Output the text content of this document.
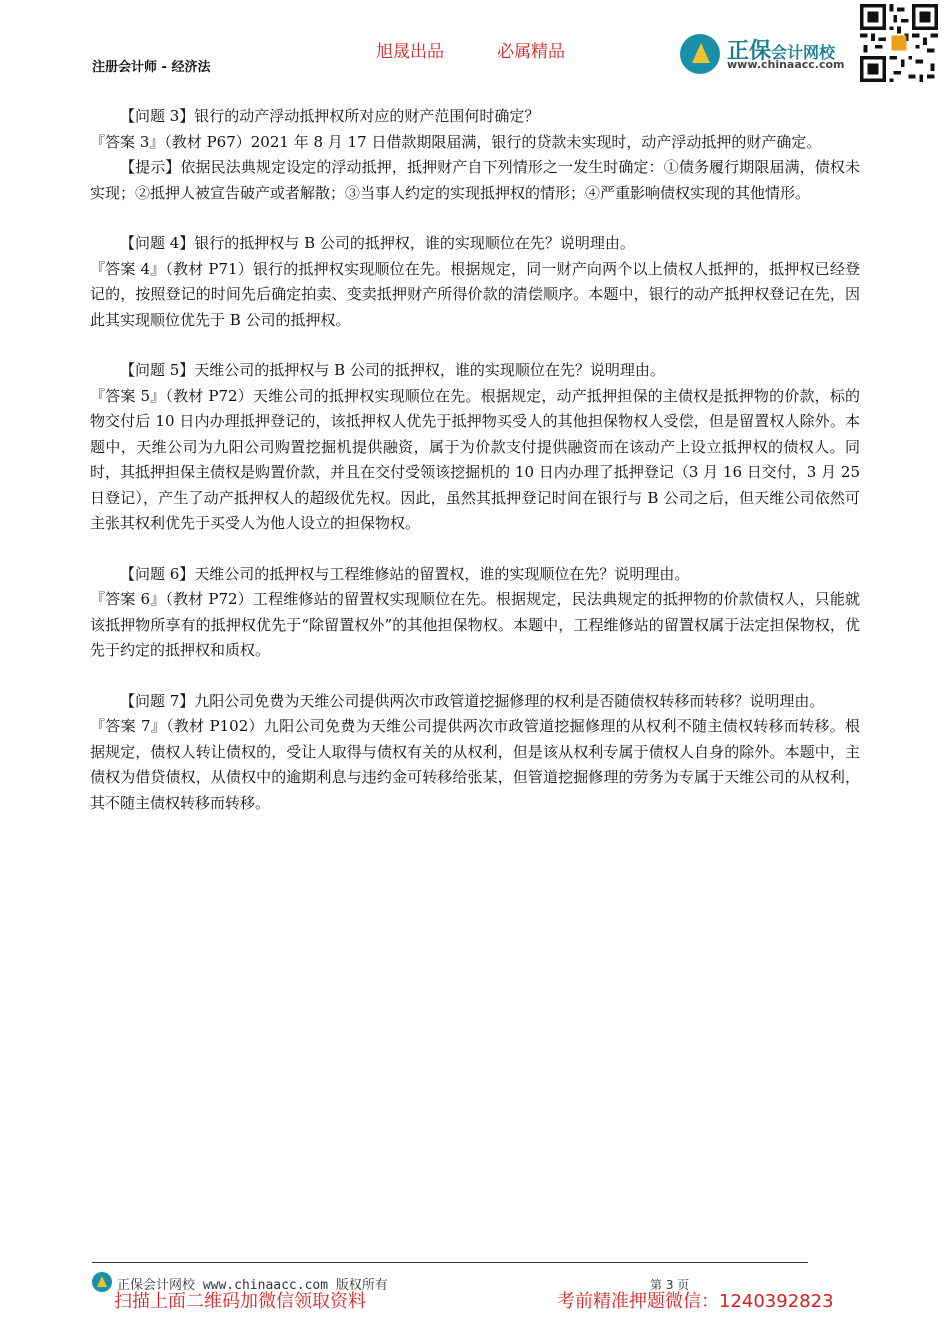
注册会计师 - 经济法
旭晟出品	必属精品	正保会计网校
www.chinaacc.com

【问题 3】银行的动产浮动抵押权所对应的财产范围何时确定？

『答案 3』（教材 P67）2021 年 8 月 17 日借款期限届满，银行的贷款未实现时，动产浮动抵押的财产确定。

【提示】依据民法典规定设定的浮动抵押，抵押财产自下列情形之一发生时确定：①债务履行期限届满，债权未实现；②抵押人被宣告破产或者解散；③当事人约定的实现抵押权的情形；④严重影响债权实现的其他情形。

【问题 4】银行的抵押权与 B 公司的抵押权，谁的实现顺位在先？说明理由。

『答案 4』（教材 P71）银行的抵押权实现顺位在先。根据规定，同一财产向两个以上债权人抵押的，抵押权已经登记的，按照登记的时间先后确定拍卖、变卖抵押财产所得价款的清偿顺序。本题中，银行的动产抵押权登记在先，因此其实现顺位优先于 B 公司的抵押权。

【问题 5】天维公司的抵押权与 B 公司的抵押权，谁的实现顺位在先？说明理由。

『答案 5』（教材 P72）天维公司的抵押权实现顺位在先。根据规定，动产抵押担保的主债权是抵押物的价款，标的物交付后 10 日内办理抵押登记的，该抵押权人优先于抵押物买受人的其他担保物权人受偿，但是留置权人除外。本题中，天维公司为九阳公司购置挖掘机提供融资，属于为价款支付提供融资而在该动产上设立抵押权的债权人。同时，其抵押担保主债权是购置价款，并且在交付受领该挖掘机的 10 日内办理了抵押登记（3 月 16 日交付，3 月 25 日登记），产生了动产抵押权人的超级优先权。因此，虽然其抵押登记时间在银行与 B 公司之后，但天维公司依然可主张其权利优先于买受人为他人设立的担保物权。

【问题 6】天维公司的抵押权与工程维修站的留置权，谁的实现顺位在先？说明理由。

『答案 6』（教材 P72）工程维修站的留置权实现顺位在先。根据规定，民法典规定的抵押物的价款债权人，只能就该抵押物所享有的抵押权优先于“除留置权外”的其他担保物权。本题中，工程维修站的留置权属于法定担保物权，优先于约定的抵押权和质权。

【问题 7】九阳公司免费为天维公司提供两次市政管道挖掘修理的权利是否随债权转移而转移？说明理由。

『答案 7』（教材 P102）九阳公司免费为天维公司提供两次市政管道挖掘修理的从权利不随主债权转移而转移。根据规定，债权人转让债权的，受让人取得与债权有关的从权利，但是该从权利专属于债权人自身的除外。本题中，主债权为借贷债权，从债权中的逾期利息与违约金可转移给张某，但管道挖掘修理的劳务为专属于天维公司的从权利，其不随主债权转移而转移。

正保会计网校 www.chinaacc.com 版权所有	第 3 页
扫描上面二维码加微信领取资料	考前精准押题微信：1240392823
